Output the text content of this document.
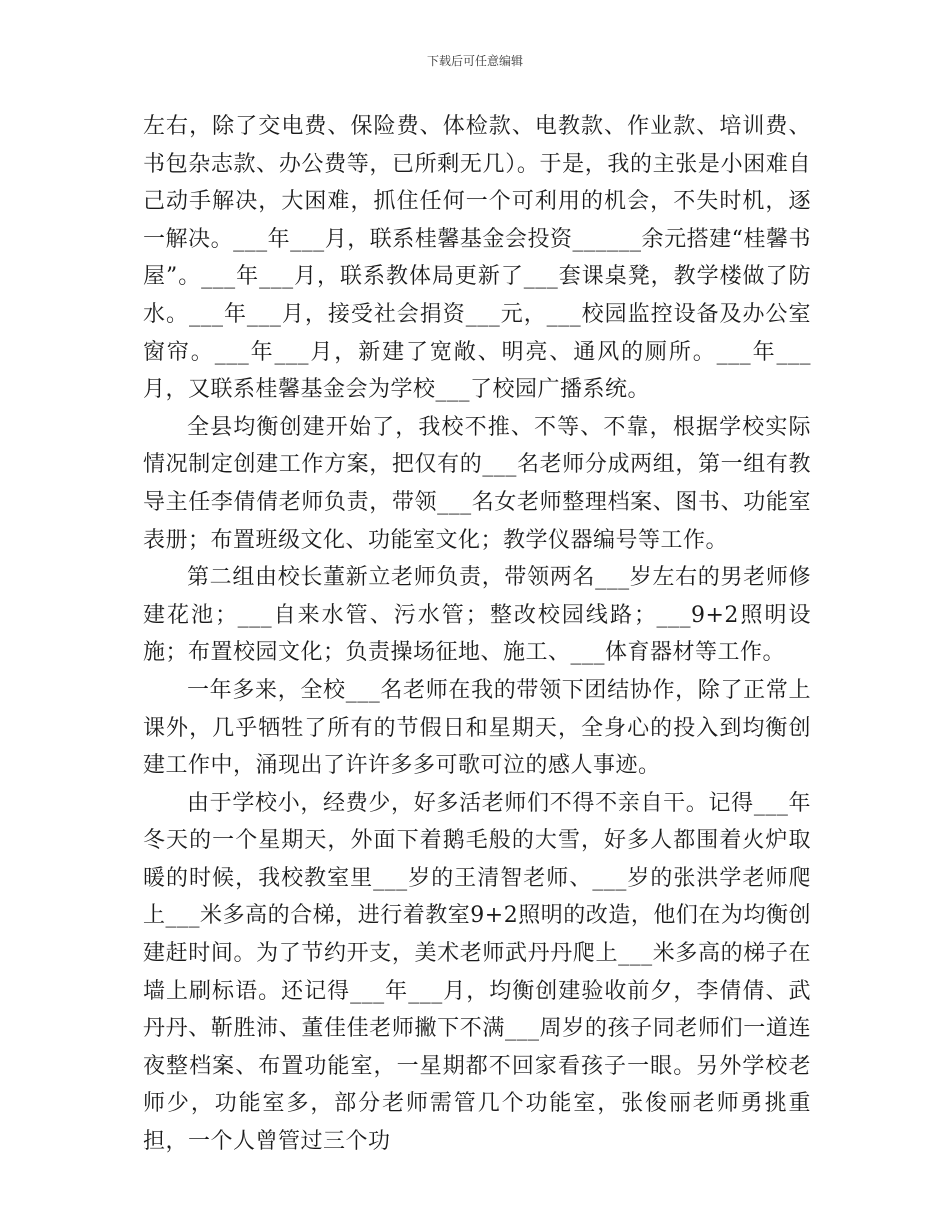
下载后可任意编辑

左右，除了交电费、保险费、体检款、电教款、作业款、培训费、书包杂志款、办公费等，已所剩无几）。于是，我的主张是小困难自己动手解决，大困难，抓住任何一个可利用的机会，不失时机，逐一解决。___年___月，联系桂馨基金会投资______余元搭建“桂馨书屋”。___年___月，联系教体局更新了___套课桌凳，教学楼做了防水。___年___月，接受社会捐资___元，___校园监控设备及办公室窗帘。___年___月，新建了宽敞、明亮、通风的厕所。___年___月，又联系桂馨基金会为学校___了校园广播系统。

全县均衡创建开始了，我校不推、不等、不靠，根据学校实际情况制定创建工作方案，把仅有的___名老师分成两组，第一组有教导主任李倩倩老师负责，带领___名女老师整理档案、图书、功能室表册；布置班级文化、功能室文化；教学仪器编号等工作。

第二组由校长董新立老师负责，带领两名___岁左右的男老师修建花池；___自来水管、污水管；整改校园线路；___9+2照明设施；布置校园文化；负责操场征地、施工、___体育器材等工作。

一年多来，全校___名老师在我的带领下团结协作，除了正常上课外，几乎牺牲了所有的节假日和星期天，全身心的投入到均衡创建工作中，涌现出了许许多多可歌可泣的感人事迹。

由于学校小，经费少，好多活老师们不得不亲自干。记得___年冬天的一个星期天，外面下着鹅毛般的大雪，好多人都围着火炉取暖的时候，我校教室里___岁的王清智老师、___岁的张洪学老师爬上___米多高的合梯，进行着教室9+2照明的改造，他们在为均衡创建赶时间。为了节约开支，美术老师武丹丹爬上___米多高的梯子在墙上刷标语。还记得___年___月，均衡创建验收前夕，李倩倩、武丹丹、靳胜沛、董佳佳老师撇下不满___周岁的孩子同老师们一道连夜整档案、布置功能室，一星期都不回家看孩子一眼。另外学校老师少，功能室多，部分老师需管几个功能室，张俊丽老师勇挑重担，一个人曾管过三个功
